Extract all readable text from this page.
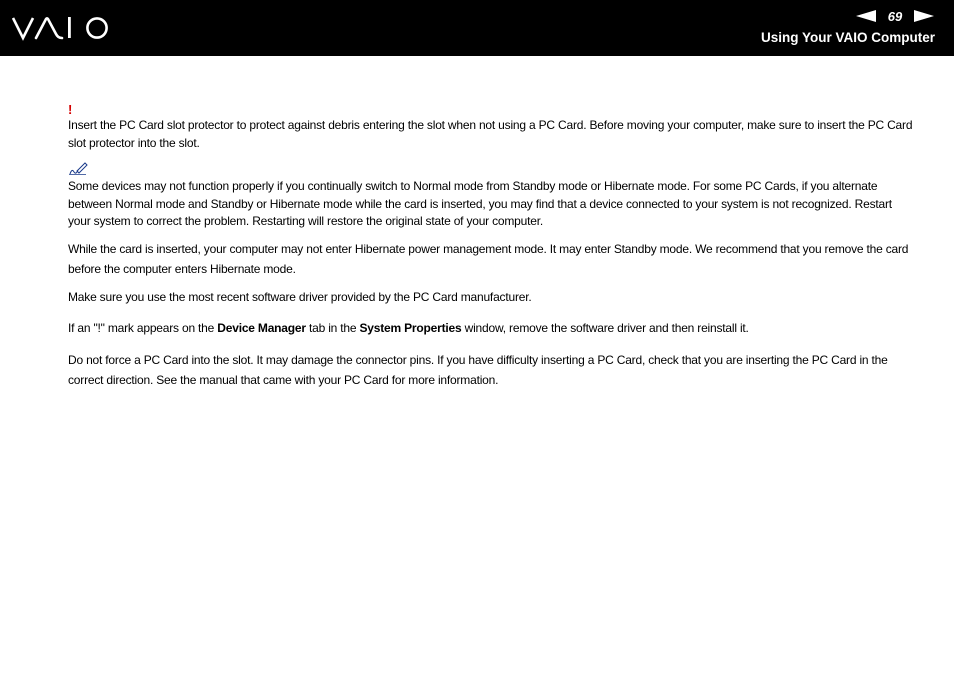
69
Using Your VAIO Computer
!

Insert the PC Card slot protector to protect against debris entering the slot when not using a PC Card. Before moving your computer, make sure to insert the PC Card slot protector into the slot.

Some devices may not function properly if you continually switch to Normal mode from Standby mode or Hibernate mode. For some PC Cards, if you alternate between Normal mode and Standby or Hibernate mode while the card is inserted, you may find that a device connected to your system is not recognized. Restart your system to correct the problem. Restarting will restore the original state of your computer.

While the card is inserted, your computer may not enter Hibernate power management mode. It may enter Standby mode. We recommend that you remove the card before the computer enters Hibernate mode.

Make sure you use the most recent software driver provided by the PC Card manufacturer.

If an "!" mark appears on the Device Manager tab in the System Properties window, remove the software driver and then reinstall it.

Do not force a PC Card into the slot. It may damage the connector pins. If you have difficulty inserting a PC Card, check that you are inserting the PC Card in the correct direction. See the manual that came with your PC Card for more information.
